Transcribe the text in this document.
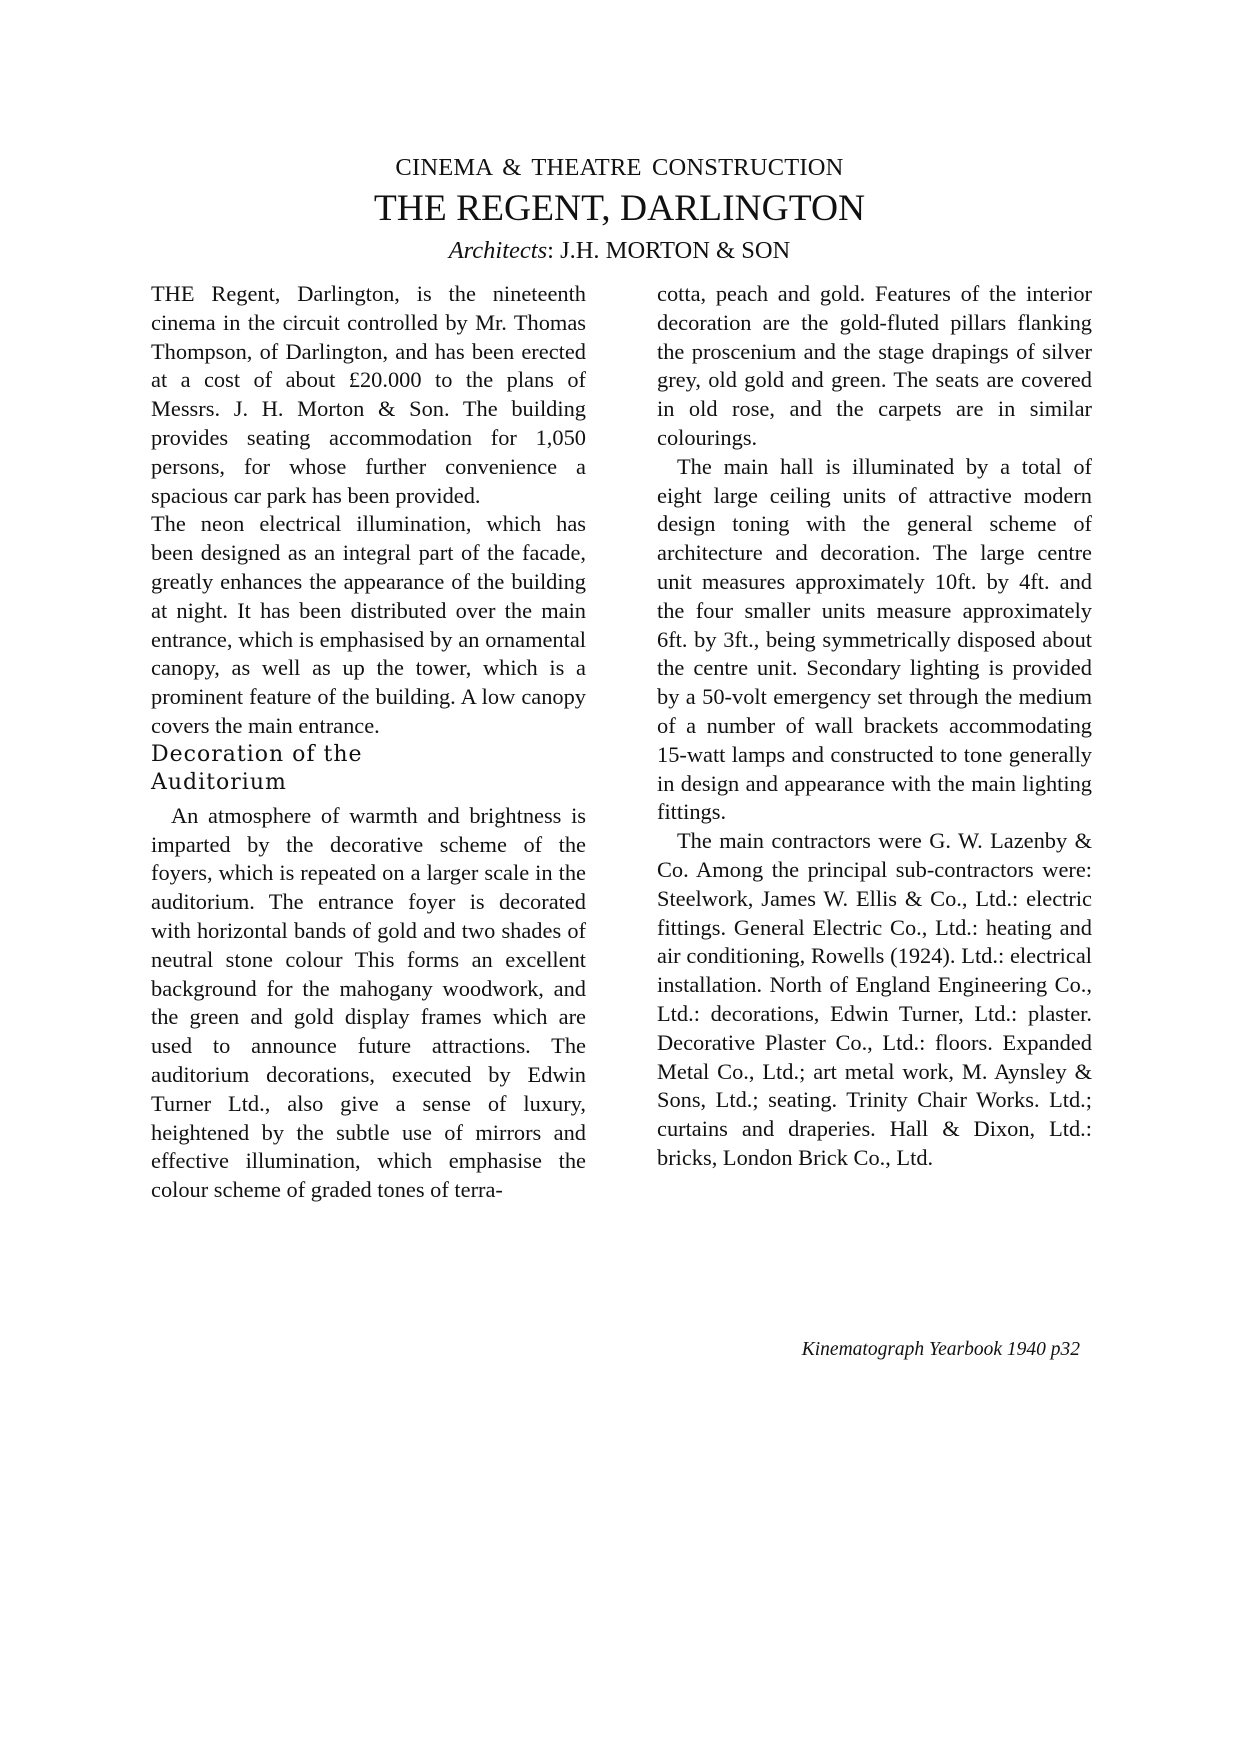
CINEMA & THEATRE CONSTRUCTION
THE REGENT, DARLINGTON
Architects: J.H. MORTON & SON

THE Regent, Darlington, is the nineteenth cinema in the circuit controlled by Mr. Thomas Thompson, of Darlington, and has been erected at a cost of about £20.000 to the plans of Messrs. J. H. Morton & Son. The building provides seating accommodation for 1,050 persons, for whose further convenience a spacious car park has been provided.

The neon electrical illumination, which has been designed as an integral part of the facade, greatly enhances the appearance of the building at night. It has been distributed over the main entrance, which is emphasised by an ornamental canopy, as well as up the tower, which is a prominent feature of the building. A low canopy covers the main entrance.

Decoration of the Auditorium

An atmosphere of warmth and brightness is imparted by the decorative scheme of the foyers, which is repeated on a larger scale in the auditorium. The entrance foyer is decorated with horizontal bands of gold and two shades of neutral stone colour This forms an excellent background for the mahogany woodwork, and the green and gold display frames which are used to announce future attractions. The auditorium decorations, executed by Edwin Turner Ltd., also give a sense of luxury, heightened by the subtle use of mirrors and effective illumination, which emphasise the colour scheme of graded tones of terra-

cotta, peach and gold. Features of the interior decoration are the gold-fluted pillars flanking the proscenium and the stage drapings of silver grey, old gold and green. The seats are covered in old rose, and the carpets are in similar colourings.

The main hall is illuminated by a total of eight large ceiling units of attractive modern design toning with the general scheme of architecture and decoration. The large centre unit measures approximately 10ft. by 4ft. and the four smaller units measure approximately 6ft. by 3ft., being symmetrically disposed about the centre unit. Secondary lighting is provided by a 50-volt emergency set through the medium of a number of wall brackets accommodating 15-watt lamps and constructed to tone generally in design and appearance with the main lighting fittings.

The main contractors were G. W. Lazenby & Co. Among the principal sub-contractors were: Steelwork, James W. Ellis & Co., Ltd.: electric fittings. General Electric Co., Ltd.: heating and air conditioning, Rowells (1924). Ltd.: electrical installation. North of England Engineering Co., Ltd.: decorations, Edwin Turner, Ltd.: plaster. Decorative Plaster Co., Ltd.: floors. Expanded Metal Co., Ltd.; art metal work, M. Aynsley & Sons, Ltd.; seating. Trinity Chair Works. Ltd.; curtains and draperies. Hall & Dixon, Ltd.: bricks, London Brick Co., Ltd.

Kinematograph Yearbook 1940 p32
